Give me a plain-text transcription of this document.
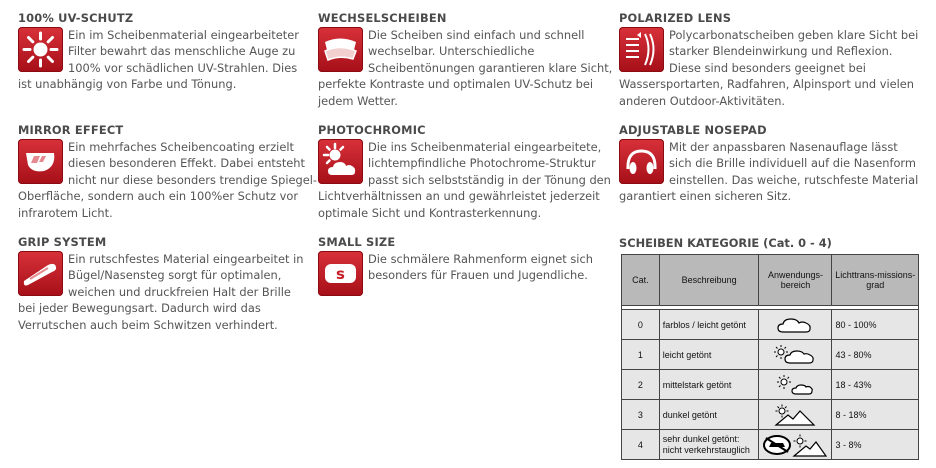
100% UV-SCHUTZ

Ein im Scheibenmaterial eingearbeiteter Filter bewahrt das menschliche Auge zu 100% vor schädlichen UV-Strahlen. Dies ist unabhängig von Farbe und Tönung.

WECHSELSCHEIBEN

Die Scheiben sind einfach und schnell wechselbar. Unterschiedliche Scheibentönungen garantieren klare Sicht, perfekte Kontraste und optimalen UV-Schutz bei jedem Wetter.

POLARIZED LENS

Polycarbonatscheiben geben klare Sicht bei starker Blendeinwirkung und Reflexion. Diese sind besonders geeignet bei Wassersportarten, Radfahren, Alpinsport und vielen anderen Outdoor-Aktivitäten.

MIRROR EFFECT

Ein mehrfaches Scheibencoating erzielt diesen besonderen Effekt. Dabei entsteht nicht nur diese besonders trendige Spiegel-Oberfläche, sondern auch ein 100%er Schutz vor infrarotem Licht.

PHOTOCHROMIC

Die ins Scheibenmaterial eingearbeitete, lichtempfindliche Photochrome-Struktur passt sich selbstständig in der Tönung den Lichtverhältnissen an und gewährleistet jederzeit optimale Sicht und Kontrasterkennung.

ADJUSTABLE NOSEPAD

Mit der anpassbaren Nasenauflage lässt sich die Brille individuell auf die Nasenform einstellen. Das weiche, rutschfeste Material garantiert einen sicheren Sitz.

GRIP SYSTEM

Ein rutschfestes Material eingearbeitet in Bügel/Nasensteg sorgt für optimalen, weichen und druckfreien Halt der Brille bei jeder Bewegungsart. Dadurch wird das Verrutschen auch beim Schwitzen verhindert.

SMALL SIZE
s

Die schmälere Rahmenform eignet sich besonders für Frauen und Jugendliche.

SCHEIBEN KATEGORIE (Cat. 0 - 4)
Cat.	Beschreibung	Anwendungs-bereich	Lichttrans-missions-grad

0	farblos / leicht getönt		80 - 100%
1	leicht getönt		43 - 80%
2	mittelstark getönt		18 - 43%
3	dunkel getönt		8 - 18%
4	sehr dunkel getönt: nicht verkehrstauglich		3 - 8%
